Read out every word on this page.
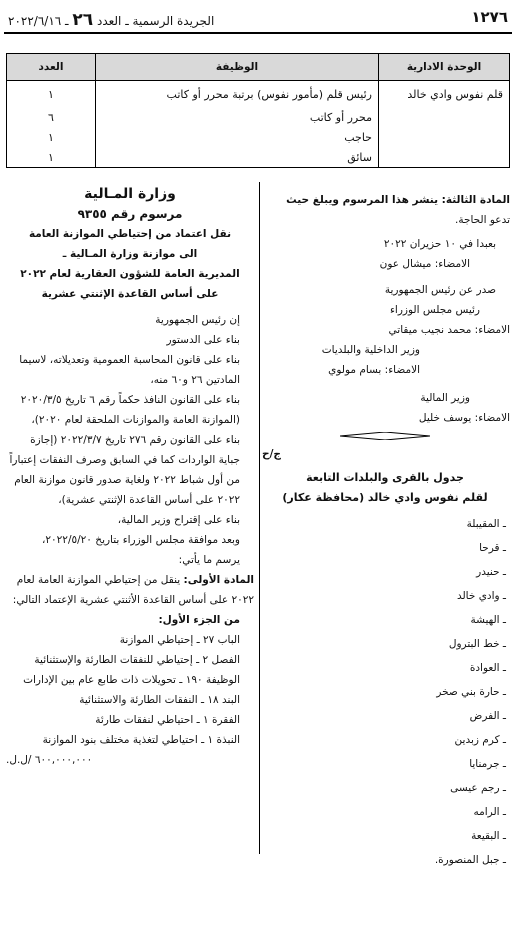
١٢٧٦
الجريدة الرسمية ـ العدد ٢٦ ـ ٢٠٢٢/٦/١٦
الوحدة الادارية	الوظيفة	العدد
قلم نفوس وادي خالد	رئيس قلم (مأمور نفوس) برتبة محرر أو كاتب	١
	محرر أو كاتب	٦
	حاجب	١
	سائق	١

المادة الثالثة: ينشر هذا المرسوم ويبلغ حيث

تدعو الحاجة.

بعبدا في ١٠ حزيران ٢٠٢٢

الامضاء: ميشال عون

صدر عن رئيس الجمهورية

رئيس مجلس الوزراء

الامضاء: محمد نجيب ميقاتي

وزير الداخلية والبلديات

الامضاء: بسام مولوي

وزير المالية

الامضاء: يوسف خليل

ج/ح

جدول بالقرى والبلدات التابعة

لقلم نفوس وادي خالد (محافظة عكار)

ـ المقيبلة
ـ قرحا
ـ حنيدر
ـ وادي خالد
ـ الهيشة
ـ خط البترول
ـ العوادة
ـ حارة بني صخر
ـ الفرض
ـ كرم زبدين
ـ جرمنايا
ـ رجم عيسى
ـ الرامه
ـ البقيعة
ـ جبل المنصورة.

وزارة المـالية

مرسوم رقم ٩٣٥٥

نقل اعتماد من إحتياطي الموازنة العامة

الى موازنة وزارة المـالية ـ

المديرية العامة للشؤون العقارية لعام ٢٠٢٢

على أساس القاعدة الإثنتي عشرية

إن رئيس الجمهورية

بناء على الدستور

بناء على قانون المحاسبة العمومية وتعديلاته، لاسيما المادتين ٢٦ و٦٠ منه،

بناء على القانون النافذ حكماً رقم ٦ تاريخ ٢٠٢٠/٣/٥ (الموازنة العامة والموازنات الملحقة لعام ٢٠٢٠)،

بناء على القانون رقم ٢٧٦ تاريخ ٢٠٢٢/٣/٧ (إجازة جباية الواردات كما في السابق وصرف النفقات إعتباراً من أول شباط ٢٠٢٢ ولغاية صدور قانون موازنة العام ٢٠٢٢ على أساس القاعدة الإثنتي عشرية)،

بناء على إقتراح وزير المالية،

وبعد موافقة مجلس الوزراء بتاريخ ٢٠٢٢/٥/٢٠،

يرسم ما يأتي:

المادة الأولى: ينقل من إحتياطي الموازنة العامة لعام ٢٠٢٢ على أساس القاعدة الأثنتي عشرية الإعتماد التالي:

من الجزء الأول:

الباب ٢٧ ـ إحتياطي الموازنة

الفصل ٢ ـ إحتياطي للنفقات الطارئة والإستثنائية

الوظيفة ١٩٠ ـ تحويلات ذات طابع عام بين الإدارات

البند ١٨ ـ النفقات الطارئة والاستثنائية

الفقرة ١ ـ احتياطي لنفقات طارئة

النبذة ١ ـ احتياطي لتغذية مختلف بنود الموازنة

٦٠٠,٠٠٠,٠٠٠ /ل.ل.
